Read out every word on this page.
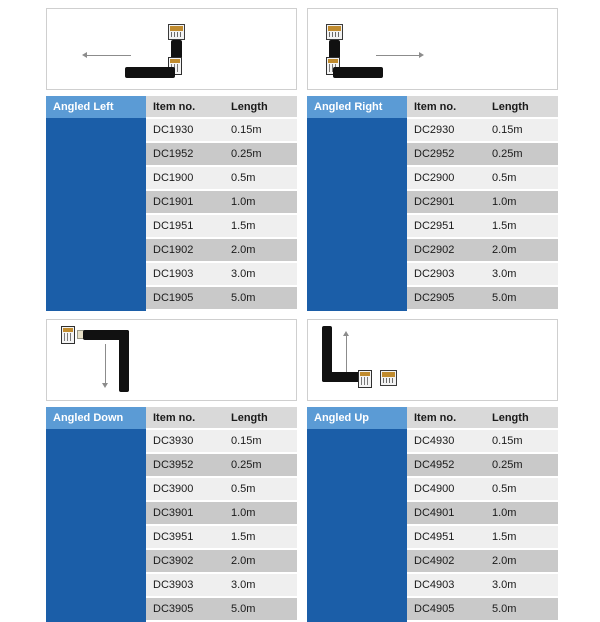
Angled Left	Item no.	Length
DC1930	0.15m
DC1952	0.25m
DC1900	0.5m
DC1901	1.0m
DC1951	1.5m
DC1902	2.0m
DC1903	3.0m
DC1905	5.0m
Angled Right	Item no.	Length
DC2930	0.15m
DC2952	0.25m
DC2900	0.5m
DC2901	1.0m
DC2951	1.5m
DC2902	2.0m
DC2903	3.0m
DC2905	5.0m
Angled Down	Item no.	Length
DC3930	0.15m
DC3952	0.25m
DC3900	0.5m
DC3901	1.0m
DC3951	1.5m
DC3902	2.0m
DC3903	3.0m
DC3905	5.0m
Angled Up	Item no.	Length
DC4930	0.15m
DC4952	0.25m
DC4900	0.5m
DC4901	1.0m
DC4951	1.5m
DC4902	2.0m
DC4903	3.0m
DC4905	5.0m
